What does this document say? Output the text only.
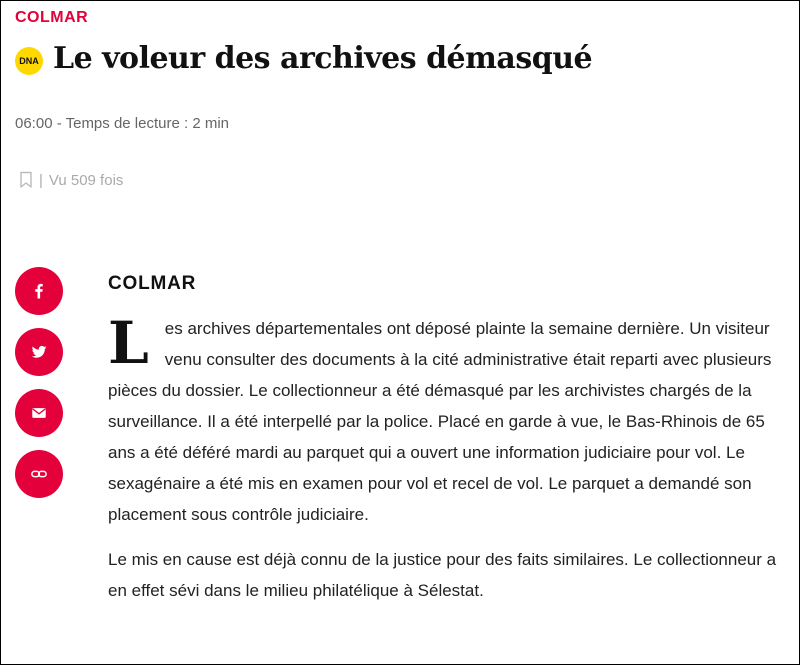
COLMAR
DNA Le voleur des archives démasqué
06:00 - Temps de lecture : 2 min
| Vu 509 fois
COLMAR

Les archives départementales ont déposé plainte la semaine dernière. Un visiteur venu consulter des documents à la cité administrative était reparti avec plusieurs pièces du dossier. Le collectionneur a été démasqué par les archivistes chargés de la surveillance. Il a été interpellé par la police. Placé en garde à vue, le Bas-Rhinois de 65 ans a été déféré mardi au parquet qui a ouvert une information judiciaire pour vol. Le sexagénaire a été mis en examen pour vol et recel de vol. Le parquet a demandé son placement sous contrôle judiciaire.

Le mis en cause est déjà connu de la justice pour des faits similaires. Le collectionneur a en effet sévi dans le milieu philatélique à Sélestat.
